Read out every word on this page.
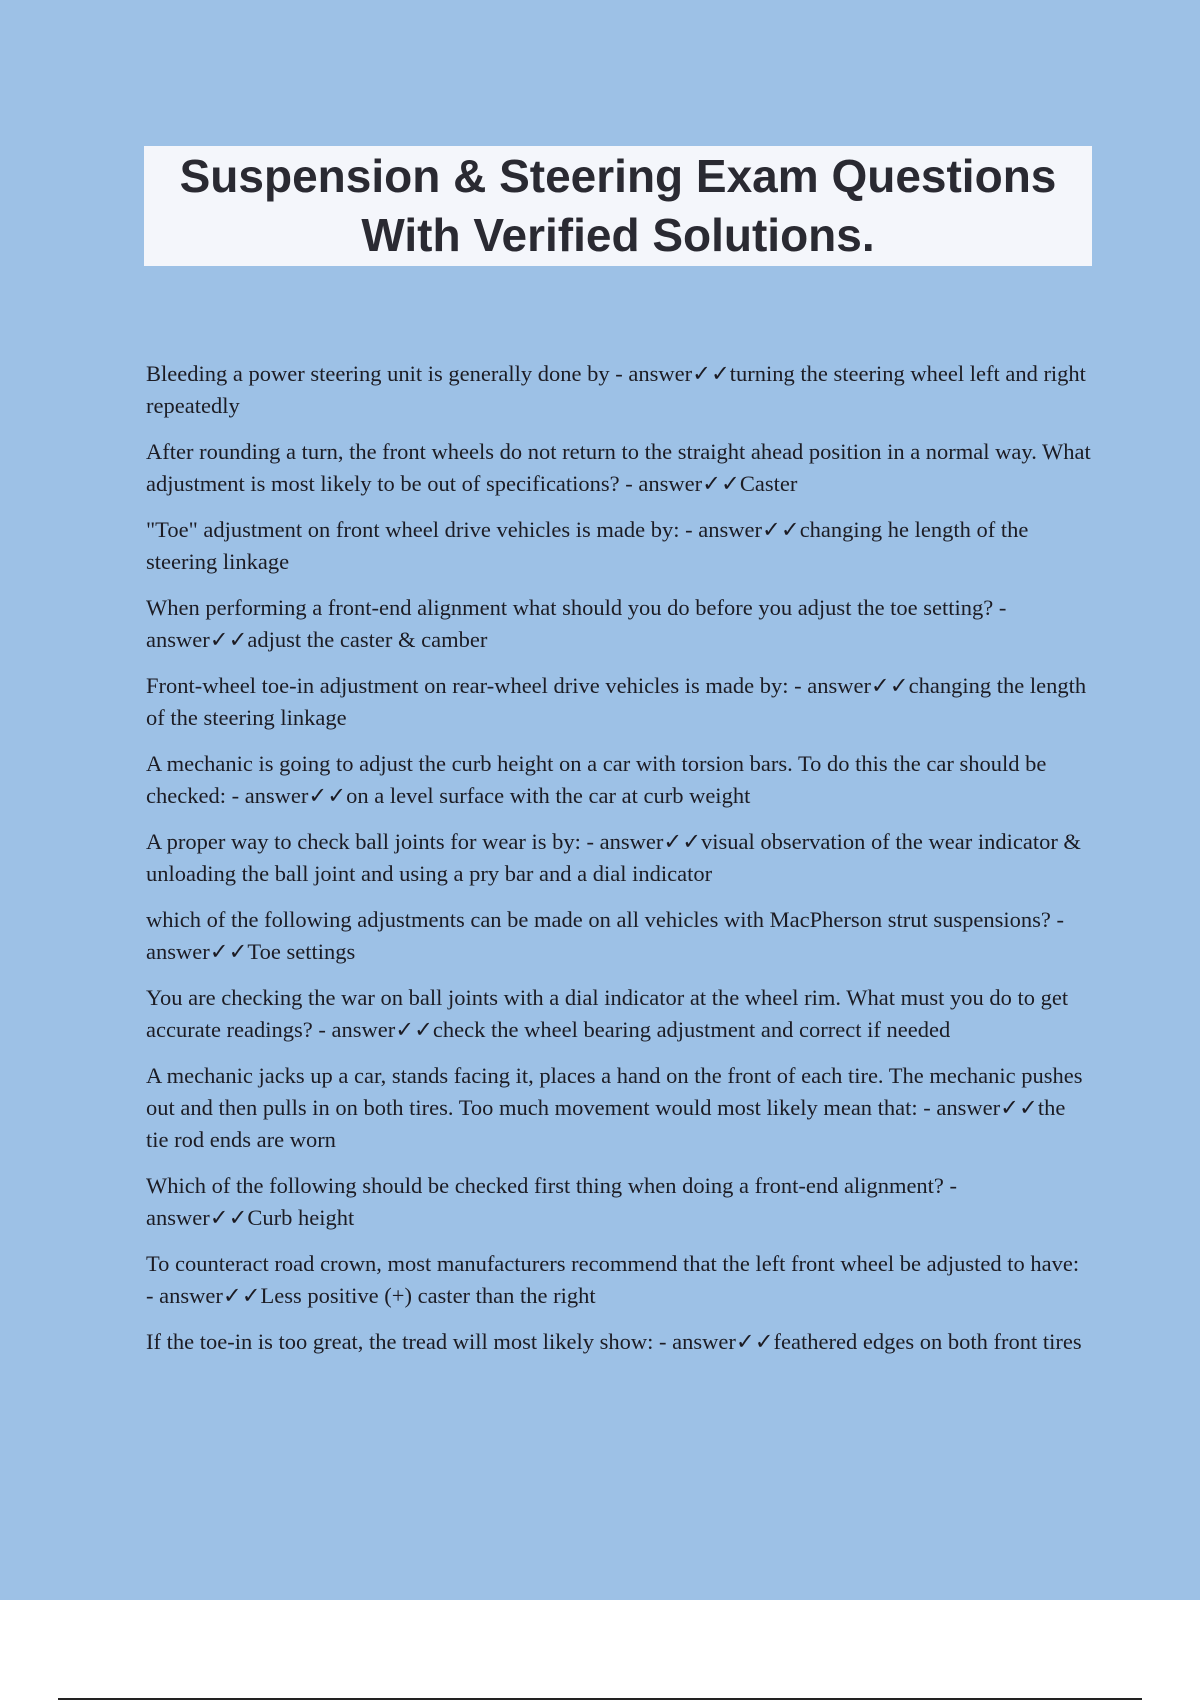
Suspension & Steering Exam Questions With Verified Solutions.
Bleeding a power steering unit is generally done by - answer✓✓turning the steering wheel left and right repeatedly
After rounding a turn, the front wheels do not return to the straight ahead position in a normal way. What adjustment is most likely to be out of specifications? - answer✓✓Caster
"Toe" adjustment on front wheel drive vehicles is made by: - answer✓✓changing he length of the steering linkage
When performing a front-end alignment what should you do before you adjust the toe setting? - answer✓✓adjust the caster & camber
Front-wheel toe-in adjustment on rear-wheel drive vehicles is made by: - answer✓✓changing the length of the steering linkage
A mechanic is going to adjust the curb height on a car with torsion bars. To do this the car should be checked: - answer✓✓on a level surface with the car at curb weight
A proper way to check ball joints for wear is by: - answer✓✓visual observation of the wear indicator & unloading the ball joint and using a pry bar and a dial indicator
which of the following adjustments can be made on all vehicles with MacPherson strut suspensions? - answer✓✓Toe settings
You are checking the war on ball joints with a dial indicator at the wheel rim. What must you do to get accurate readings? - answer✓✓check the wheel bearing adjustment and correct if needed
A mechanic jacks up a car, stands facing it, places a hand on the front of each tire. The mechanic pushes out and then pulls in on both tires. Too much movement would most likely mean that: - answer✓✓the tie rod ends are worn
Which of the following should be checked first thing when doing a front-end alignment? - answer✓✓Curb height
To counteract road crown, most manufacturers recommend that the left front wheel be adjusted to have: - answer✓✓Less positive (+) caster than the right
If the toe-in is too great, the tread will most likely show: - answer✓✓feathered edges on both front tires
